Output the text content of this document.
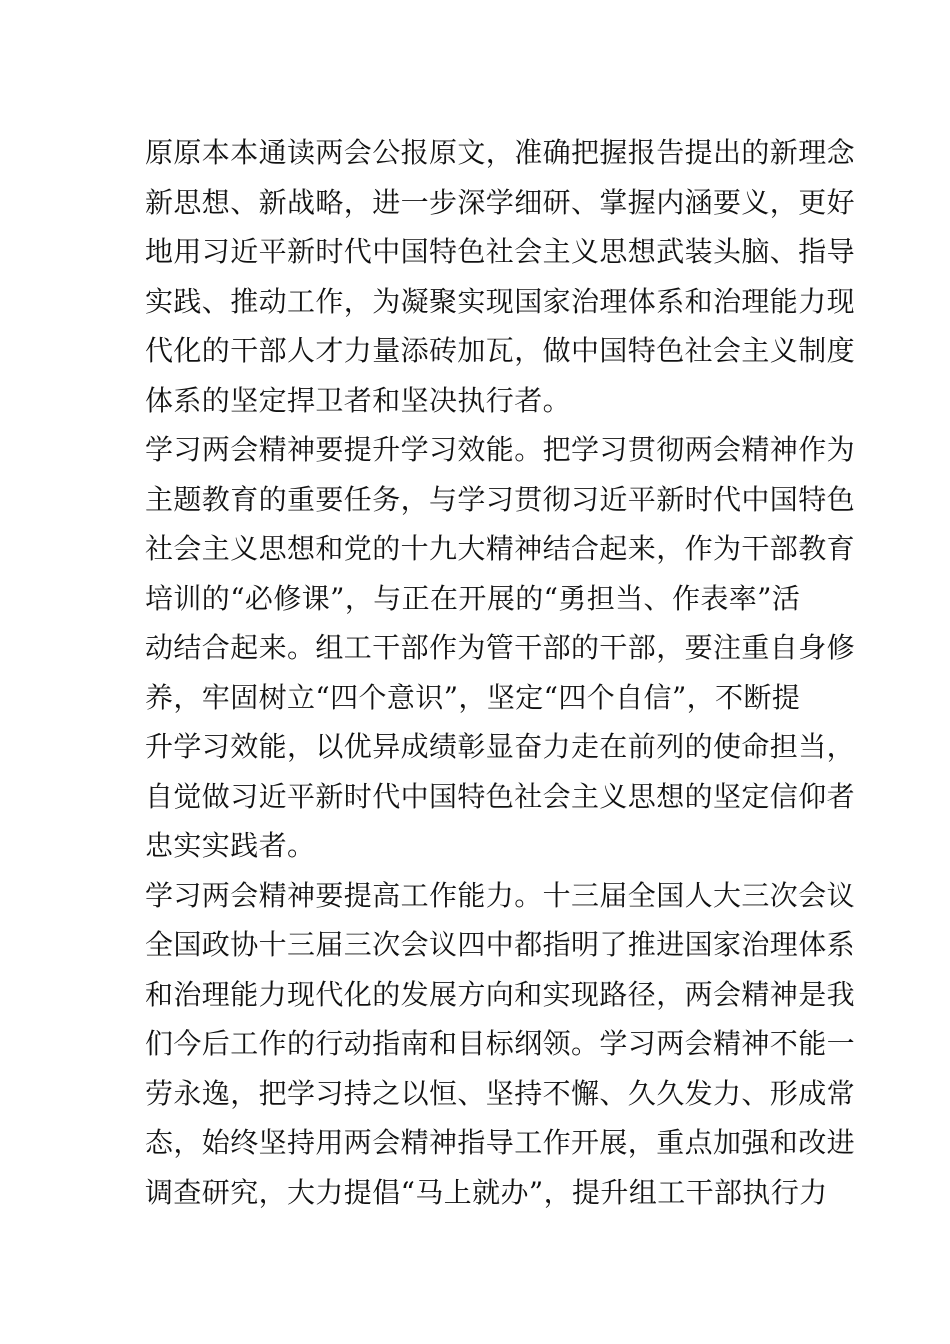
原原本本通读两会公报原文，准确把握报告提出的新理念
新思想、新战略，进一步深学细研、掌握内涵要义，更好
地用习近平新时代中国特色社会主义思想武装头脑、指导
实践、推动工作，为凝聚实现国家治理体系和治理能力现
代化的干部人才力量添砖加瓦，做中国特色社会主义制度
体系的坚定捍卫者和坚决执行者。
学习两会精神要提升学习效能。把学习贯彻两会精神作为
主题教育的重要任务，与学习贯彻习近平新时代中国特色
社会主义思想和党的十九大精神结合起来，作为干部教育
培训的“必修课”，与正在开展的“勇担当、作表率”活
动结合起来。组工干部作为管干部的干部，要注重自身修
养，牢固树立“四个意识”，坚定“四个自信”，不断提
升学习效能，以优异成绩彰显奋力走在前列的使命担当，
自觉做习近平新时代中国特色社会主义思想的坚定信仰者
忠实实践者。
学习两会精神要提高工作能力。十三届全国人大三次会议
全国政协十三届三次会议四中都指明了推进国家治理体系
和治理能力现代化的发展方向和实现路径，两会精神是我
们今后工作的行动指南和目标纲领。学习两会精神不能一
劳永逸，把学习持之以恒、坚持不懈、久久发力、形成常
态，始终坚持用两会精神指导工作开展，重点加强和改进
调查研究，大力提倡“马上就办”，提升组工干部执行力
